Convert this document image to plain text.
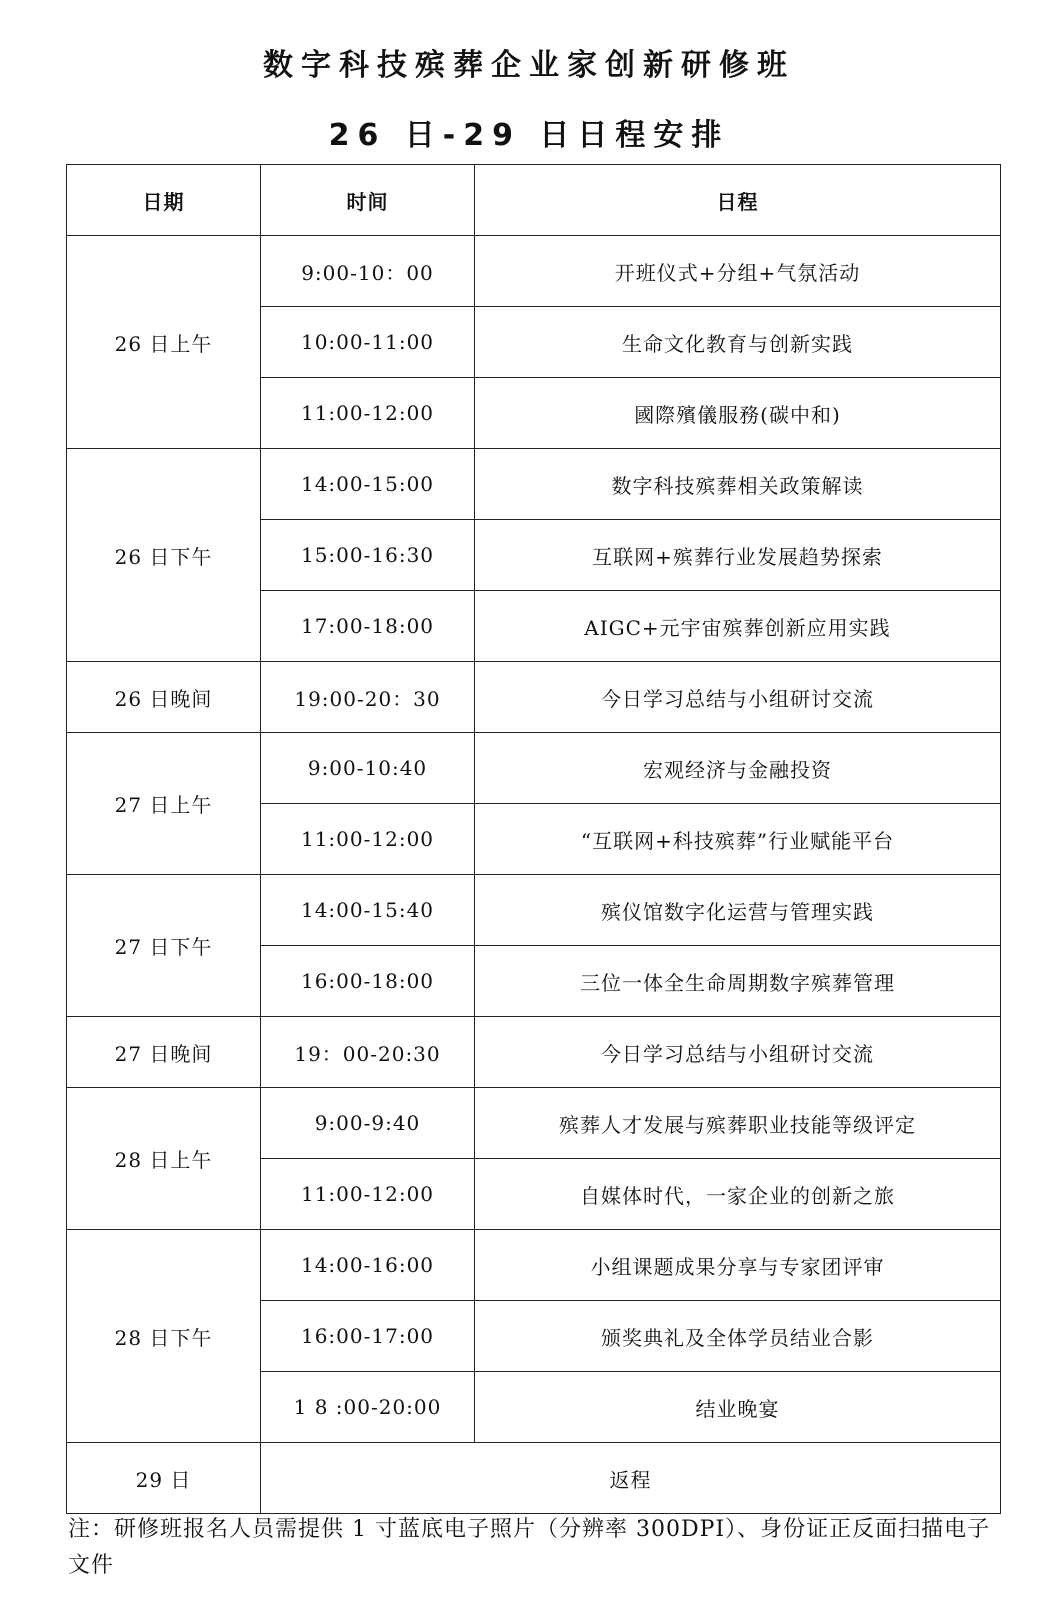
数字科技殡葬企业家创新研修班
26 日-29 日日程安排
日期	时间	日程
26 日上午	9:00-10：00	开班仪式+分组+气氛活动
	10:00-11:00	生命文化教育与创新实践
	11:00-12:00	國際殯儀服務(碳中和)
26 日下午	14:00-15:00	数字科技殡葬相关政策解读
	15:00-16:30	互联网+殡葬行业发展趋势探索
	17:00-18:00	AIGC+元宇宙殡葬创新应用实践
26 日晚间	19:00-20：30	今日学习总结与小组研讨交流
27 日上午	9:00-10:40	宏观经济与金融投资
	11:00-12:00	“互联网+科技殡葬”行业赋能平台
27 日下午	14:00-15:40	殡仪馆数字化运营与管理实践
	16:00-18:00	三位一体全生命周期数字殡葬管理
27 日晚间	19：00-20:30	今日学习总结与小组研讨交流
28 日上午	9:00-9:40	殡葬人才发展与殡葬职业技能等级评定
	11:00-12:00	自媒体时代，一家企业的创新之旅
28 日下午	14:00-16:00	小组课题成果分享与专家团评审
	16:00-17:00	颁奖典礼及全体学员结业合影
	1 8 :00-20:00	结业晚宴
29 日	返程	
注：研修班报名人员需提供 1 寸蓝底电子照片（分辨率 300DPI）、身份证正反面扫描电子文件
